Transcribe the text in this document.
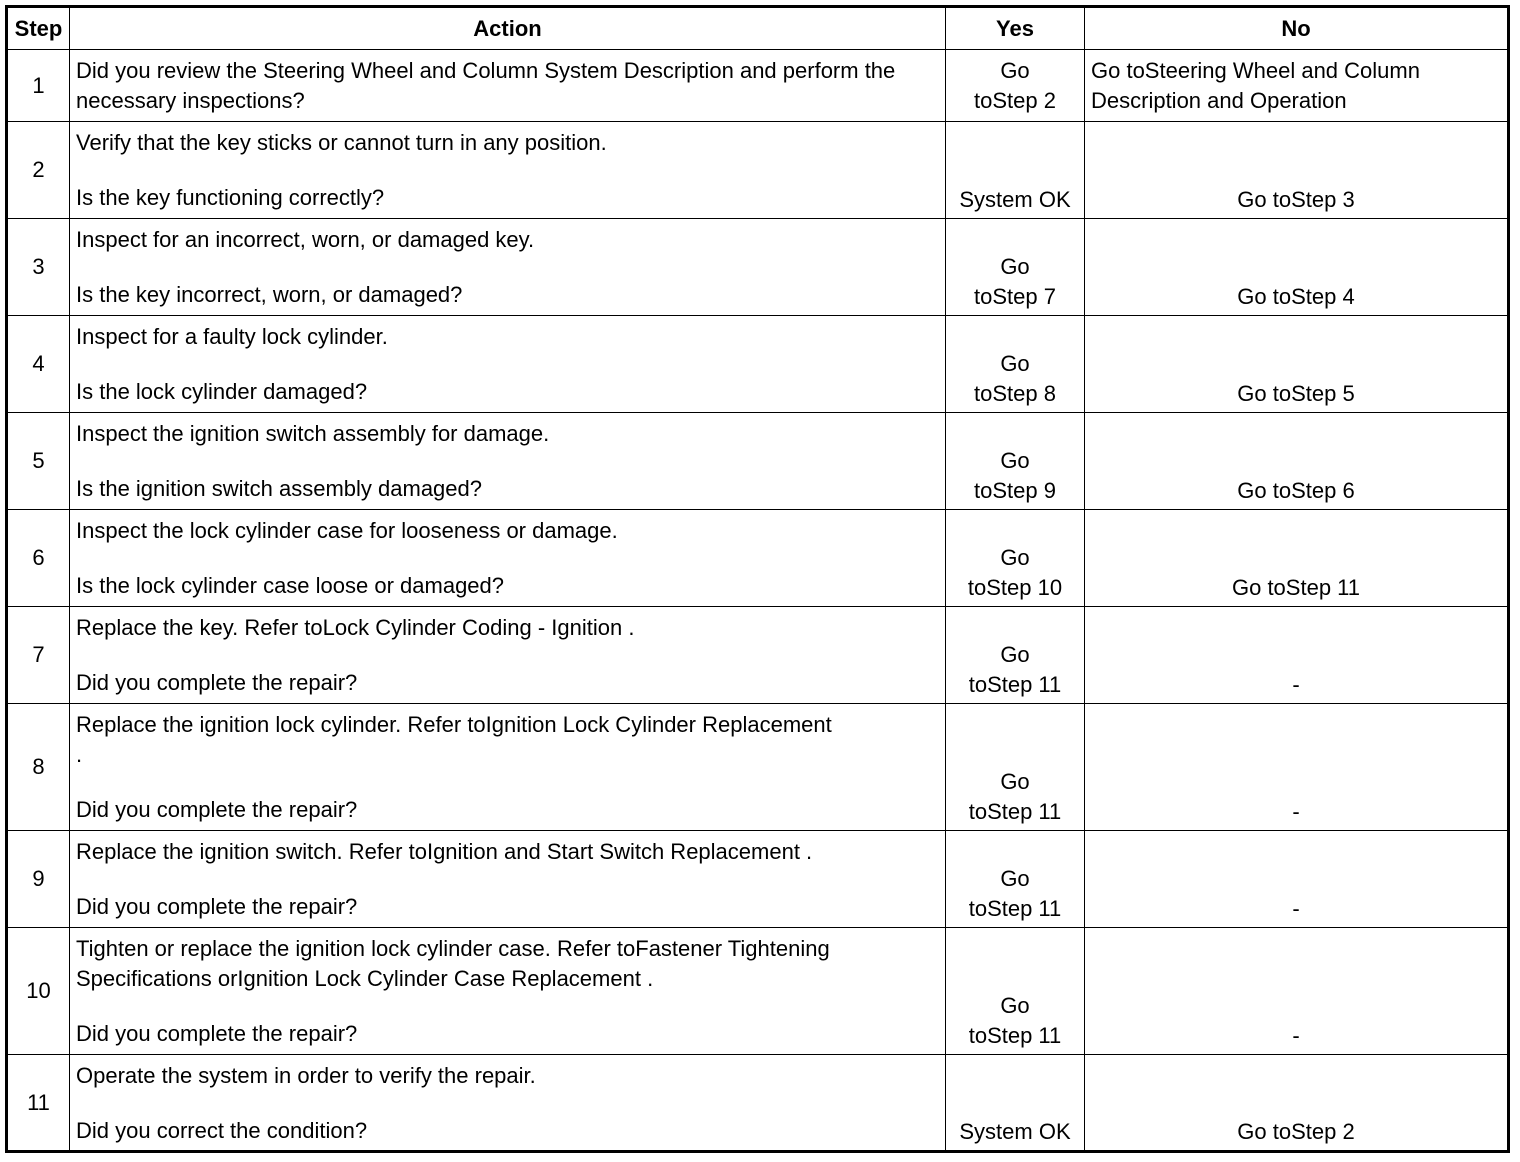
Step	Action	Yes	No
1	Did you review the Steering Wheel and Column System Description and perform the necessary inspections?	Go
toStep 2	Go toSteering Wheel and Column Description and Operation
2	Verify that the key sticks or cannot turn in any position.
Is the key functioning correctly?	System OK	Go toStep 3
3	Inspect for an incorrect, worn, or damaged key.
Is the key incorrect, worn, or damaged?	Go
toStep 7	Go toStep 4
4	Inspect for a faulty lock cylinder.
Is the lock cylinder damaged?	Go
toStep 8	Go toStep 5
5	Inspect the ignition switch assembly for damage.
Is the ignition switch assembly damaged?	Go
toStep 9	Go toStep 6
6	Inspect the lock cylinder case for looseness or damage.
Is the lock cylinder case loose or damaged?	Go
toStep 10	Go toStep 11
7	Replace the key. Refer toLock Cylinder Coding - Ignition .
Did you complete the repair?	Go
toStep 11	-
8	Replace the ignition lock cylinder. Refer toIgnition Lock Cylinder Replacement
.
Did you complete the repair?	Go
toStep 11	-
9	Replace the ignition switch. Refer toIgnition and Start Switch Replacement .
Did you complete the repair?	Go
toStep 11	-
10	Tighten or replace the ignition lock cylinder case. Refer toFastener Tightening
Specifications orIgnition Lock Cylinder Case Replacement .
Did you complete the repair?	Go
toStep 11	-
11	Operate the system in order to verify the repair.
Did you correct the condition?	System OK	Go toStep 2
